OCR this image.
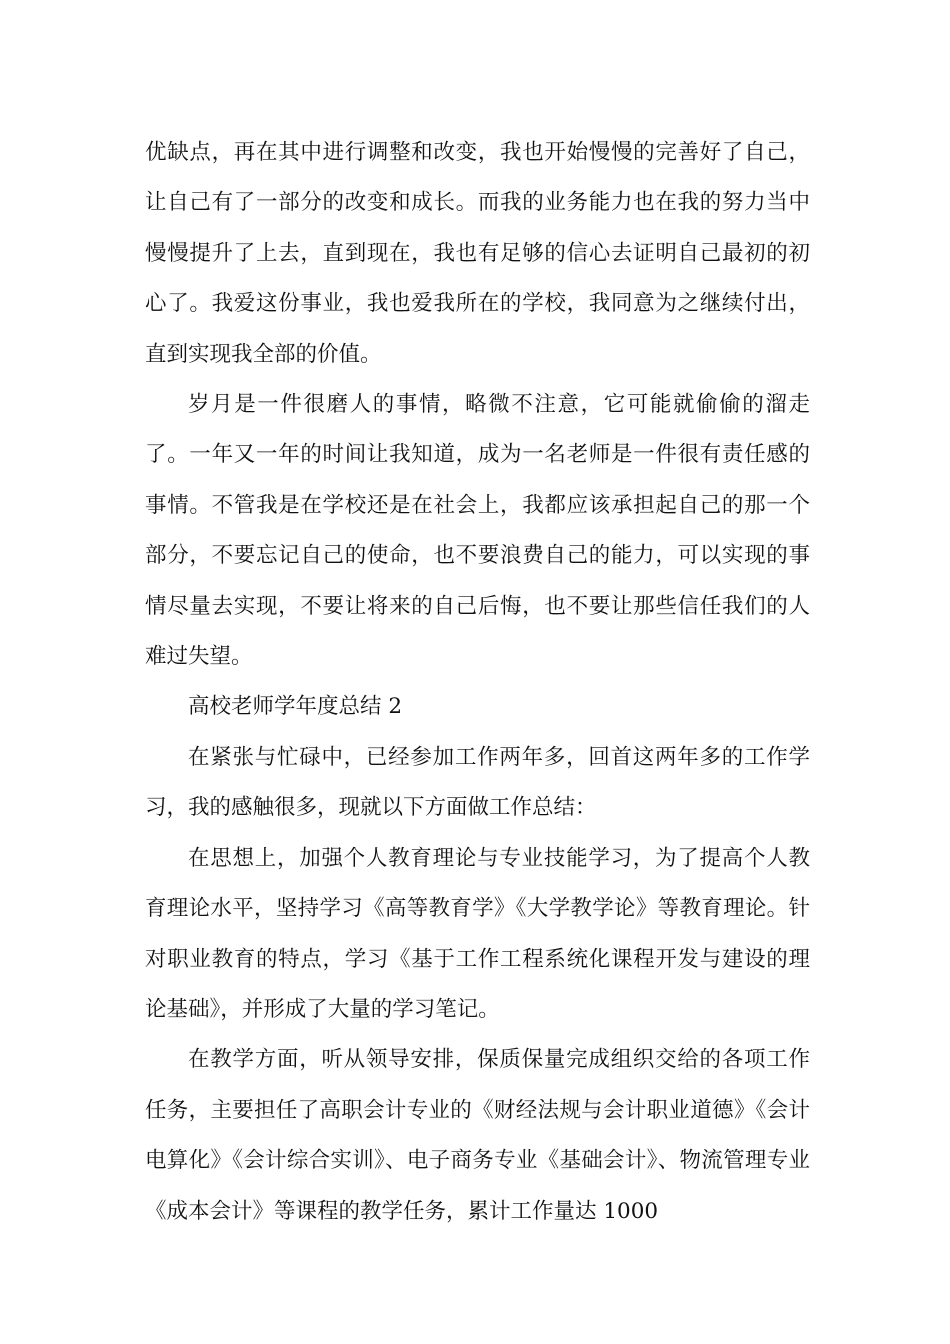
优缺点，再在其中进行调整和改变，我也开始慢慢的完善好了自己，让自己有了一部分的改变和成长。而我的业务能力也在我的努力当中慢慢提升了上去，直到现在，我也有足够的信心去证明自己最初的初心了。我爱这份事业，我也爱我所在的学校，我同意为之继续付出，直到实现我全部的价值。

岁月是一件很磨人的事情，略微不注意，它可能就偷偷的溜走了。一年又一年的时间让我知道，成为一名老师是一件很有责任感的事情。不管我是在学校还是在社会上，我都应该承担起自己的那一个部分，不要忘记自己的使命，也不要浪费自己的能力，可以实现的事情尽量去实现，不要让将来的自己后悔，也不要让那些信任我们的人难过失望。

高校老师学年度总结 2

在紧张与忙碌中，已经参加工作两年多，回首这两年多的工作学习，我的感触很多，现就以下方面做工作总结：

在思想上，加强个人教育理论与专业技能学习，为了提高个人教育理论水平，坚持学习《高等教育学》《大学教学论》等教育理论。针对职业教育的特点，学习《基于工作工程系统化课程开发与建设的理论基础》，并形成了大量的学习笔记。

在教学方面，听从领导安排，保质保量完成组织交给的各项工作任务，主要担任了高职会计专业的《财经法规与会计职业道德》《会计电算化》《会计综合实训》、电子商务专业《基础会计》、物流管理专业《成本会计》等课程的教学任务，累计工作量达 1000
